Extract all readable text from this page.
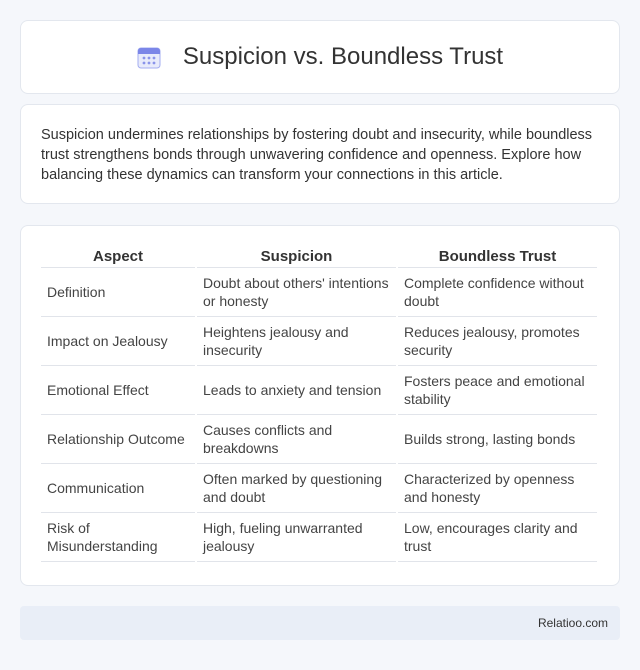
Suspicion vs. Boundless Trust

Suspicion undermines relationships by fostering doubt and insecurity, while boundless trust strengthens bonds through unwavering confidence and openness. Explore how balancing these dynamics can transform your connections in this article.

Aspect	Suspicion	Boundless Trust
Definition	Doubt about others' intentions or honesty	Complete confidence without doubt
Impact on Jealousy	Heightens jealousy and insecurity	Reduces jealousy, promotes security
Emotional Effect	Leads to anxiety and tension	Fosters peace and emotional stability
Relationship Outcome	Causes conflicts and breakdowns	Builds strong, lasting bonds
Communication	Often marked by questioning and doubt	Characterized by openness and honesty
Risk of Misunderstanding	High, fueling unwarranted jealousy	Low, encourages clarity and trust
Relatioo.com
